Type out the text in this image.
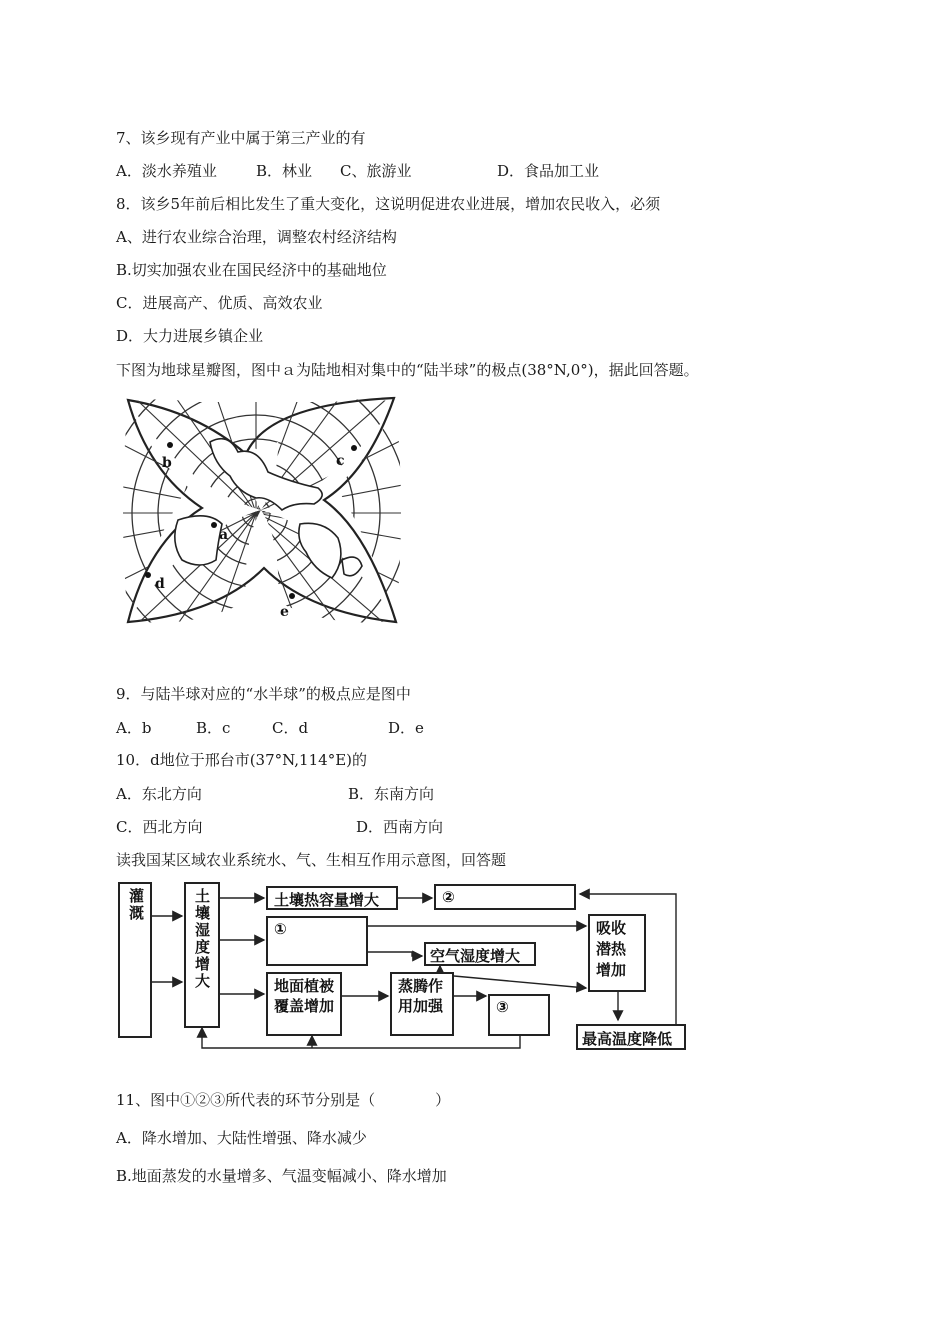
7、该乡现有产业中属于第三产业的有
A．淡水养殖业	B．林业 C、旅游业	D．食品加工业
8．该乡5年前后相比发生了重大变化，这说明促进农业进展，增加农民收入，必须
A、进行农业综合治理，调整农村经济结构
B.切实加强农业在国民经济中的基础地位
C．进展高产、优质、高效农业
D．大力进展乡镇企业
下图为地球星瓣图，图中ａ为陆地相对集中的“陆半球”的极点(38°N,0°)，据此回答题。
b	c
a
d
e
9．与陆半球对应的“水半球”的极点应是图中
A．b	B．c	C．d	D．e
10．d地位于邢台市(37°N,114°E)的
A．东北方向	B．东南方向
C．西北方向	D．西南方向
读我国某区域农业系统水、气、生相互作用示意图，回答题
灌溉	土壤湿度增大	土壤热容量增大	②
①
空气湿度增大
吸收潜热增加
地面植被覆盖增加
蒸腾作用加强	③
最高温度降低
11、图中①②③所代表的环节分别是（　　　　）
A．降水增加、大陆性增强、降水减少
B.地面蒸发的水量增多、气温变幅减小、降水增加
